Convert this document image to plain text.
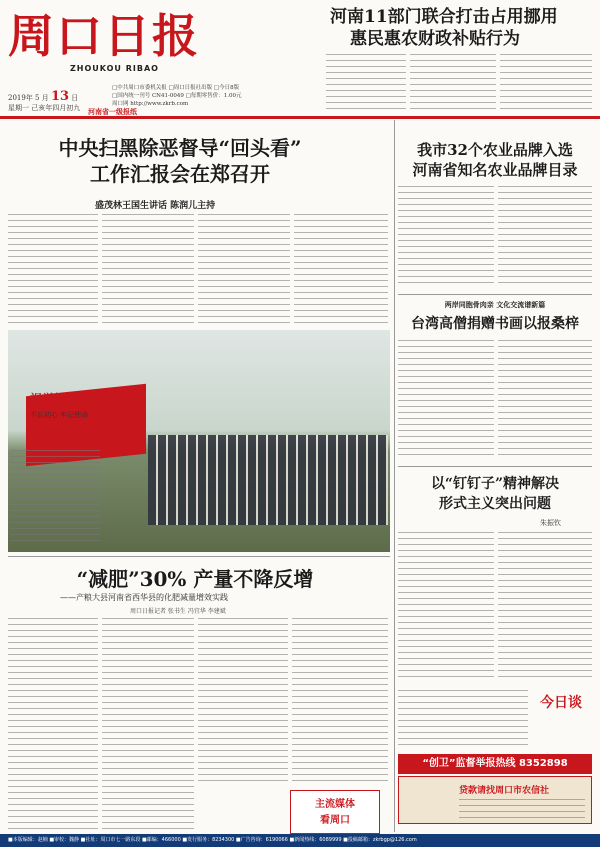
周口日报
ZHOUKOU RIBAO
2019年 5 月 13 日
星期一 己亥年四月初九
□中共周口市委机关报 □周口日报社出版 □今日8版
□国内统一刊号 CN41-0049 □每期零售价：1.00元
周口网 http://www.zkrb.com
河南省一级报纸
河南11部门联合打击占用挪用
惠民惠农财政补贴行为
中央扫黑除恶督导“回头看”
工作汇报会在郑召开
盛茂林王国生讲话 陈润儿主持
视觉新闻
不忘初心 牢记使命
“减肥”30% 产量不降反增
——产粮大县河南省西华县的化肥减量增效实践
周口日报记者 张书生 冯宜华 李建斌
主流媒体
看周口
我市32个农业品牌入选
河南省知名农业品牌目录
两岸同胞骨肉亲 文化交流谱新篇
台湾高僧捐赠书画以报桑梓
以“钉钉子”精神解决
形式主义突出问题
朱振钦
今日谈
“创卫”监督举报热线 8352898
贷款请找周口市农信社
■本版编辑：赵楠 ■审校：魏静 ■社址：周口市七一路东段 ■邮编：466000 ■发行服务：8234300 ■广告咨询：6190066 ■新闻热线：6089999 ■投稿邮箱：zkrbgp@126.com
